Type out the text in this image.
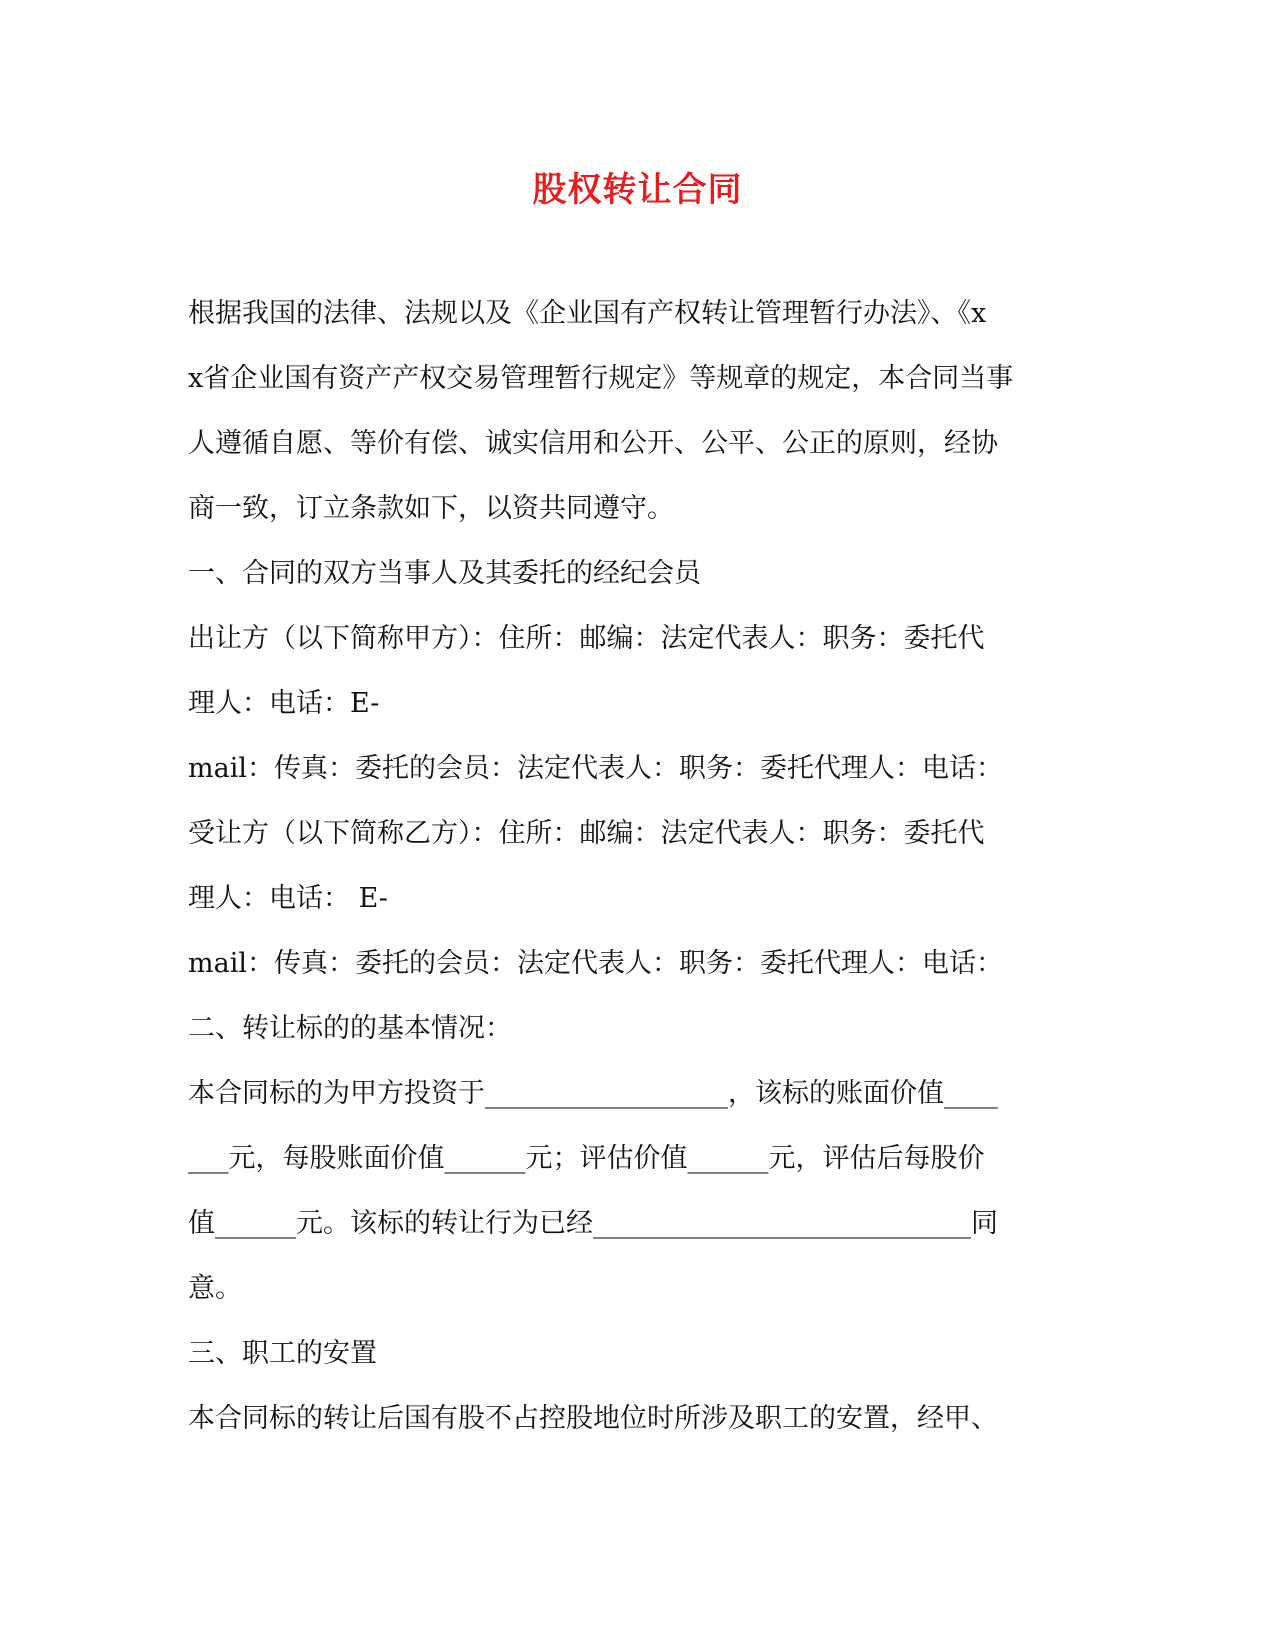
股权转让合同
根据我国的法律、法规以及《企业国有产权转让管理暂行办法》、《x
x省企业国有资产产权交易管理暂行规定》等规章的规定，本合同当事
人遵循自愿、等价有偿、诚实信用和公开、公平、公正的原则，经协
商一致，订立条款如下，以资共同遵守。
一、合同的双方当事人及其委托的经纪会员
出让方（以下简称甲方）：住所：邮编：法定代表人：职务：委托代
理人：电话：E-
mail：传真：委托的会员：法定代表人：职务：委托代理人：电话：
受让方（以下简称乙方）：住所：邮编：法定代表人：职务：委托代
理人：电话： E-
mail：传真：委托的会员：法定代表人：职务：委托代理人：电话：
二、转让标的的基本情况：
本合同标的为甲方投资于__________________，该标的账面价值____
___元，每股账面价值______元；评估价值______元，评估后每股价
值______元。该标的转让行为已经____________________________同
意。
三、职工的安置
本合同标的转让后国有股不占控股地位时所涉及职工的安置，经甲、
